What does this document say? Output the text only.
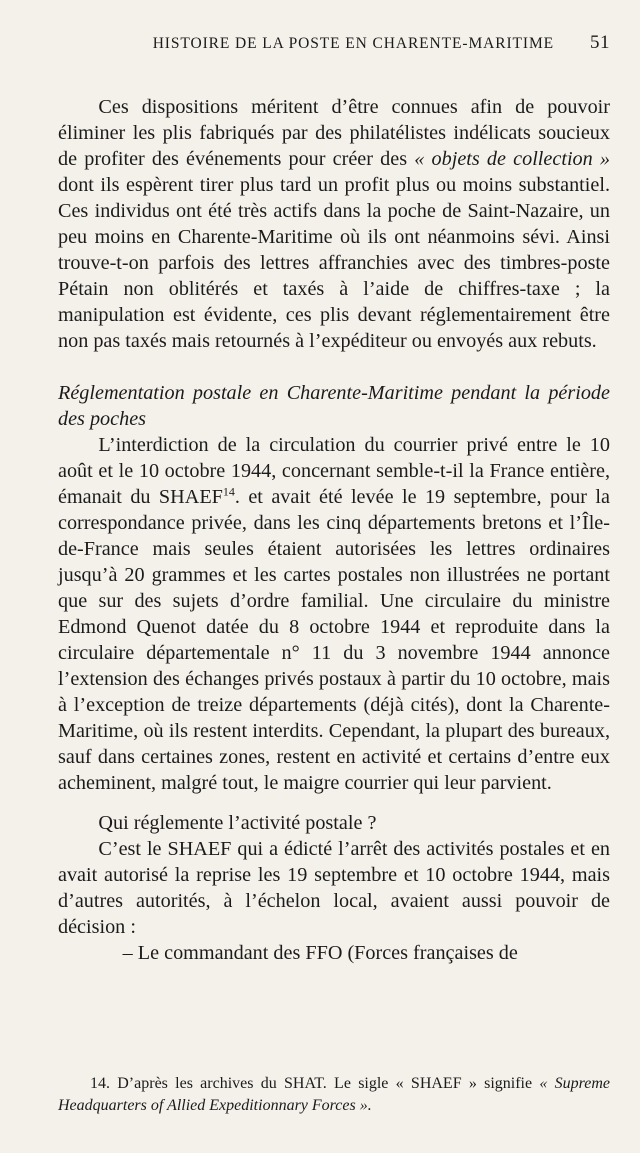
HISTOIRE DE LA POSTE EN CHARENTE-MARITIME 51

Ces dispositions méritent d’être connues afin de pouvoir éliminer les plis fabriqués par des philatélistes indélicats soucieux de profiter des événements pour créer des « objets de collection » dont ils espèrent tirer plus tard un profit plus ou moins substantiel. Ces individus ont été très actifs dans la poche de Saint-Nazaire, un peu moins en Charente-Maritime où ils ont néanmoins sévi. Ainsi trouve-t-on parfois des lettres affranchies avec des timbres-poste Pétain non oblitérés et taxés à l’aide de chiffres-taxe ; la manipulation est évidente, ces plis devant réglementairement être non pas taxés mais retournés à l’expéditeur ou envoyés aux rebuts.

Réglementation postale en Charente-Maritime pendant la période des poches

L’interdiction de la circulation du courrier privé entre le 10 août et le 10 octobre 1944, concernant semble-t-il la France entière, émanait du SHAEF$^{14}$. et avait été levée le 19 septembre, pour la correspondance privée, dans les cinq départements bretons et l’Île-de-France mais seules étaient autorisées les lettres ordinaires jusqu’à 20 grammes et les cartes postales non illustrées ne portant que sur des sujets d’ordre familial. Une circulaire du ministre Edmond Quenot datée du 8 octobre 1944 et reproduite dans la circulaire départementale n° 11 du 3 novembre 1944 annonce l’extension des échanges privés postaux à partir du 10 octobre, mais à l’exception de treize départements (déjà cités), dont la Charente-Maritime, où ils restent interdits. Cependant, la plupart des bureaux, sauf dans certaines zones, restent en activité et certains d’entre eux acheminent, malgré tout, le maigre courrier qui leur parvient.

Qui réglemente l’activité postale ?

C’est le SHAEF qui a édicté l’arrêt des activités postales et en avait autorisé la reprise les 19 septembre et 10 octobre 1944, mais d’autres autorités, à l’échelon local, avaient aussi pouvoir de décision :

– Le commandant des FFO (Forces françaises de

14. D’après les archives du SHAT. Le sigle « SHAEF » signifie « Supreme Headquarters of Allied Expeditionnary Forces ».
